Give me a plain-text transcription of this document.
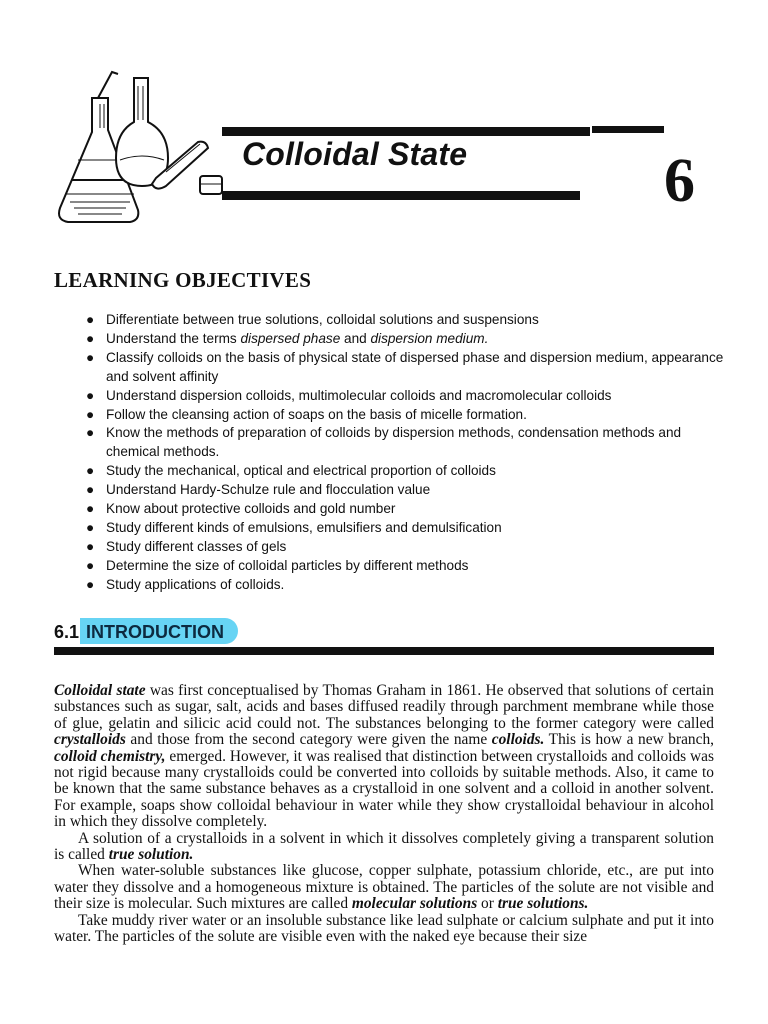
Colloidal State	6
LEARNING OBJECTIVES
● Differentiate between true solutions, colloidal solutions and suspensions
● Understand the terms dispersed phase and dispersion medium.
● Classify colloids on the basis of physical state of dispersed phase and dispersion medium, appearance and solvent affinity
● Understand dispersion colloids, multimolecular colloids and macromolecular colloids
● Follow the cleansing action of soaps on the basis of micelle formation.
● Know the methods of preparation of colloids by dispersion methods, condensation methods and chemical methods.
● Study the mechanical, optical and electrical proportion of colloids
● Understand Hardy-Schulze rule and flocculation value
● Know about protective colloids and gold number
● Study different kinds of emulsions, emulsifiers and demulsification
● Study different classes of gels
● Determine the size of colloidal particles by different methods
● Study applications of colloids.
INTRODUCTION
6.1

Colloidal state was first conceptualised by Thomas Graham in 1861. He observed that solutions of certain substances such as sugar, salt, acids and bases diffused readily through parchment membrane while those of glue, gelatin and silicic acid could not. The substances belonging to the former category were called crystalloids and those from the second category were given the name colloids. This is how a new branch, colloid chemistry, emerged. However, it was realised that distinction between crystalloids and colloids was not rigid because many crystalloids could be converted into colloids by suitable methods. Also, it came to be known that the same substance behaves as a crystalloid in one solvent and a colloid in another solvent. For example, soaps show colloidal behaviour in water while they show crystalloidal behaviour in alcohol in which they dissolve completely.

A solution of a crystalloids in a solvent in which it dissolves completely giving a transparent solution is called true solution.

When water-soluble substances like glucose, copper sulphate, potassium chloride, etc., are put into water they dissolve and a homogeneous mixture is obtained. The particles of the solute are not visible and their size is molecular. Such mixtures are called molecular solutions or true solutions.

Take muddy river water or an insoluble substance like lead sulphate or calcium sulphate and put it into water. The particles of the solute are visible even with the naked eye because their size
